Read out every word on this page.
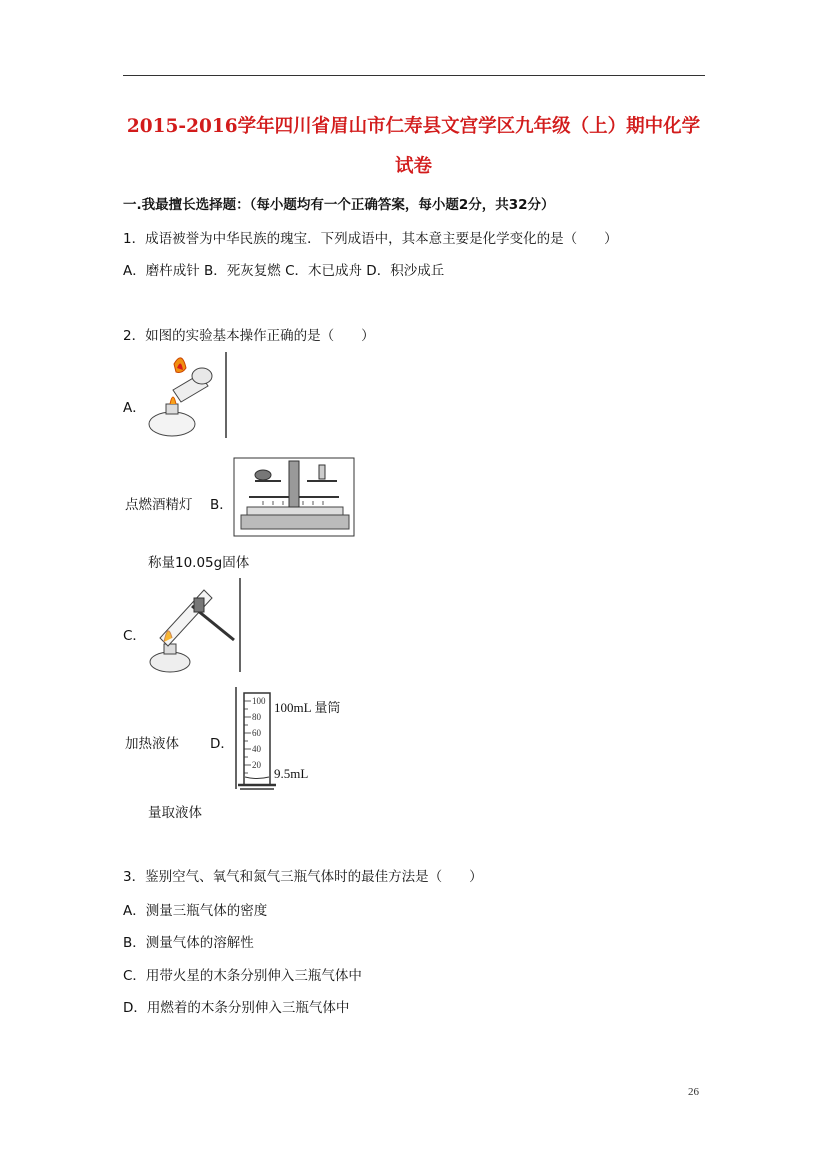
2015-2016学年四川省眉山市仁寿县文宫学区九年级（上）期中化学
试卷
一.我最擅长选择题：（每小题均有一个正确答案，每小题2分，共32分）
1．成语被誉为中华民族的瑰宝．下列成语中，其本意主要是化学变化的是（　　）
A．磨杵成针 B．死灰复燃 C．木已成舟 D．积沙成丘
2．如图的实验基本操作正确的是（　　）
A．
点燃酒精灯 B．
称量10.05g固体
C．
加热液体 D．
100
80
60
40
20
100mL 量筒
9.5mL
量取液体
3．鉴别空气、氧气和氮气三瓶气体时的最佳方法是（　　）
A．测量三瓶气体的密度
B．测量气体的溶解性
C．用带火星的木条分别伸入三瓶气体中
D．用燃着的木条分别伸入三瓶气体中
26
